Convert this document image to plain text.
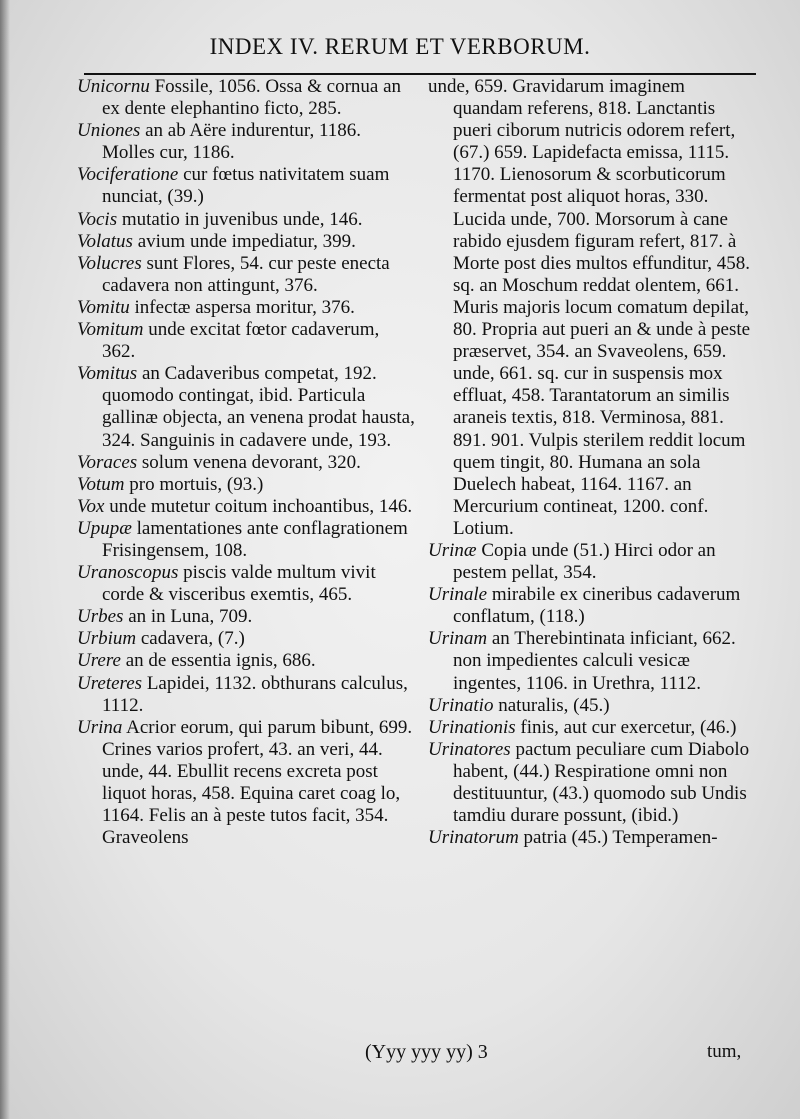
INDEX IV. RERUM ET VERBORUM.

Unicornu Fossile, 1056. Ossa & cornua an ex dente elephantino ficto, 285.

Uniones an ab Aëre indurentur, 1186. Molles cur, 1186.

Vociferatione cur fœtus nativitatem suam nunciat, (39.)

Vocis mutatio in juvenibus unde, 146.

Volatus avium unde impediatur, 399.

Volucres sunt Flores, 54. cur peste enecta cadavera non attingunt, 376.

Vomitu infectæ aspersa moritur, 376.

Vomitum unde excitat fœtor cadaverum, 362.

Vomitus an Cadaveribus competat, 192. quomodo contingat, ibid. Particula gallinæ objecta, an venena prodat hausta, 324. Sanguinis in cadavere unde, 193.

Voraces solum venena devorant, 320.

Votum pro mortuis, (93.)

Vox unde mutetur coitum inchoantibus, 146.

Upupæ lamentationes ante conflagrationem Frisingensem, 108.

Uranoscopus piscis valde multum vivit corde & visceribus exemtis, 465.

Urbes an in Luna, 709.

Urbium cadavera, (7.)

Urere an de essentia ignis, 686.

Ureteres Lapidei, 1132. obthurans calculus, 1112.

Urina Acrior eorum, qui parum bibunt, 699. Crines varios profert, 43. an veri, 44. unde, 44. Ebullit recens excreta post liquot horas, 458. Equina caret coag lo, 1164. Felis an à peste tutos facit, 354. Graveolens

unde, 659. Gravidarum imaginem quandam referens, 818. Lanctantis pueri ciborum nutricis odorem refert, (67.) 659. Lapidefacta emissa, 1115. 1170. Lienosorum & scorbuticorum fermentat post aliquot horas, 330. Lucida unde, 700. Morsorum à cane rabido ejusdem figuram refert, 817. à Morte post dies multos effunditur, 458. sq. an Moschum reddat olentem, 661. Muris majoris locum comatum depilat, 80. Propria aut pueri an & unde à peste præservet, 354. an Svaveolens, 659. unde, 661. sq. cur in suspensis mox effluat, 458. Tarantatorum an similis araneis textis, 818. Verminosa, 881. 891. 901. Vulpis sterilem reddit locum quem tingit, 80. Humana an sola Duelech habeat, 1164. 1167. an Mercurium contineat, 1200. conf. Lotium.

Urinæ Copia unde (51.) Hirci odor an pestem pellat, 354.

Urinale mirabile ex cineribus cadaverum conflatum, (118.)

Urinam an Therebintinata inficiant, 662. non impedientes calculi vesicæ ingentes, 1106. in Urethra, 1112.

Urinatio naturalis, (45.)

Urinationis finis, aut cur exercetur, (46.)

Urinatores pactum peculiare cum Diabolo habent, (44.) Respiratione omni non destituuntur, (43.) quomodo sub Undis tamdiu durare possunt, (ibid.)

Urinatorum patria (45.) Temperamen-

(Yyy yyy yy) 3	tum,
